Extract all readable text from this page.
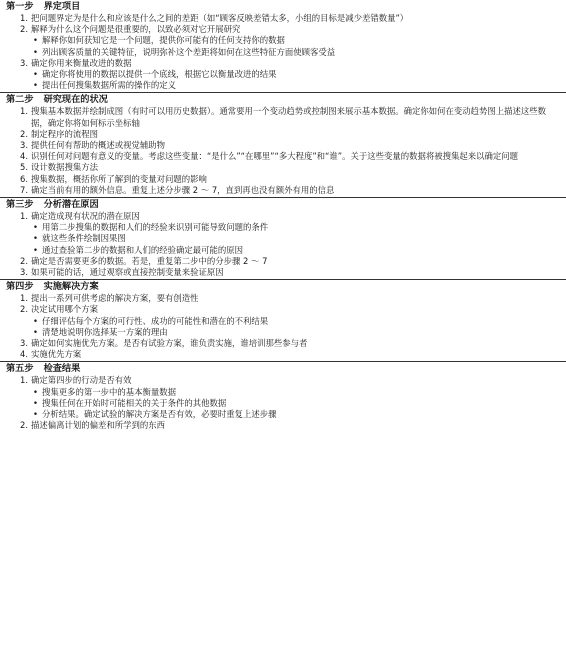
第一步 界定项目
1. 把问题界定为是什么和应该是什么之间的差距（如“顾客反映差错太多，小组的目标是减少差错数量”）
2. 解释为什么这个问题是很重要的，以致必须对它开展研究
• 解释你如何获知它是一个问题，提供你可能有的任何支持你的数据
• 列出顾客质量的关键特征，说明弥补这个差距将如何在这些特征方面使顾客受益
3. 确定你用来衡量改进的数据
• 确定你将使用的数据以提供一个底线，根据它以衡量改进的结果
• 提出任何搜集数据所需的操作的定义
第二步 研究现在的状况
1. 搜集基本数据并绘制成图（有时可以用历史数据）。通常要用一个变动趋势或控制图来展示基本数据。确定你如何在变动趋势图上描述这些数据，确定你将如何标示坐标轴
2. 制定程序的流程图
3. 提供任何有帮助的概述或视觉辅助物
4. 识别任何对问题有意义的变量。考虑这些变量：“是什么”“在哪里”“多大程度”和“谁”。关于这些变量的数据将被搜集起来以确定问题
5. 设计数据搜集方法
6. 搜集数据，概括你所了解到的变量对问题的影响
7. 确定当前有用的额外信息。重复上述分步骤 2 ～ 7，直到再也没有额外有用的信息
第三步 分析潜在原因
1. 确定造成现有状况的潜在原因
• 用第二步搜集的数据和人们的经验来识别可能导致问题的条件
• 就这些条件绘制因果图
• 通过查验第二步的数据和人们的经验确定最可能的原因
2. 确定是否需要更多的数据。若是，重复第二步中的分步骤 2 ～ 7
3. 如果可能的话，通过观察或直接控制变量来验证原因
第四步 实施解决方案
1. 提出一系列可供考虑的解决方案，要有创造性
2. 决定试用哪个方案
• 仔细评估每个方案的可行性、成功的可能性和潜在的不利结果
• 清楚地说明你选择某一方案的理由
3. 确定如何实施优先方案。是否有试验方案，谁负责实施，谁培训那些参与者
4. 实施优先方案
第五步 检查结果
1. 确定第四步的行动是否有效
• 搜集更多的第一步中的基本衡量数据
• 搜集任何在开始时可能相关的关于条件的其他数据
• 分析结果。确定试验的解决方案是否有效，必要时重复上述步骤
2. 描述偏离计划的偏差和所学到的东西
